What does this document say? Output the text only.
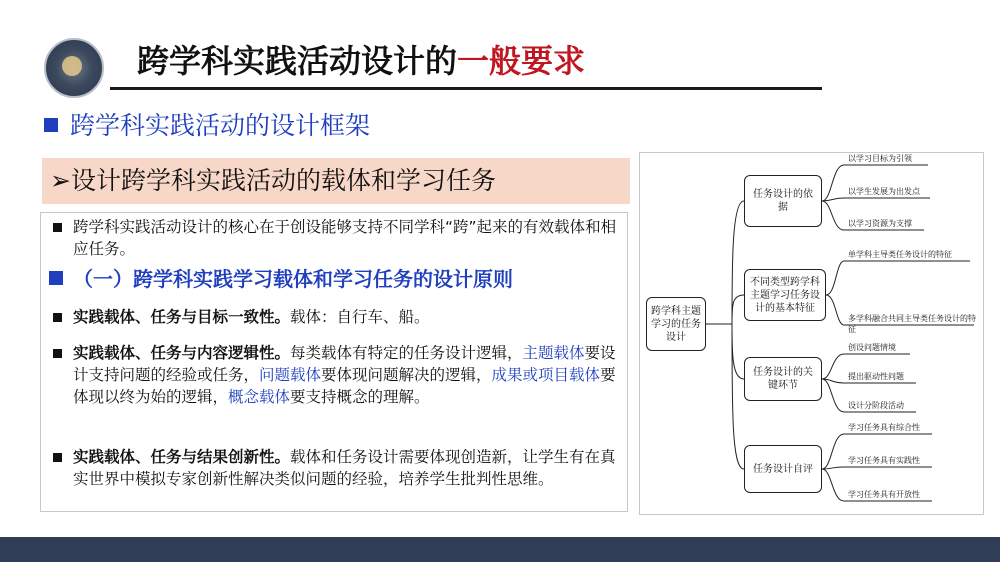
跨学科实践活动设计的一般要求
跨学科实践活动的设计框架
➢设计跨学科实践活动的载体和学习任务
跨学科实践活动设计的核心在于创设能够支持不同学科“跨”起来的有效载体和相应任务。
（一）跨学科实践学习载体和学习任务的设计原则
实践载体、任务与目标一致性。载体：自行车、船。
实践载体、任务与内容逻辑性。每类载体有特定的任务设计逻辑，主题载体要设计支持问题的经验或任务，问题载体要体现问题解决的逻辑，成果或项目载体要体现以终为始的逻辑，概念载体要支持概念的理解。
实践载体、任务与结果创新性。载体和任务设计需要体现创造新，让学生有在真实世界中模拟专家创新性解决类似问题的经验，培养学生批判性思维。
跨学科主题学习的任务设计
任务设计的依据
不同类型跨学科主题学习任务设计的基本特征
任务设计的关键环节
任务设计自评
以学习目标为引领
以学生发展为出发点
以学习资源为支撑
单学科主导类任务设计的特征
多学科融合共同主导类任务设计的特征
创设问题情境
提出驱动性问题
设计分阶段活动
学习任务具有综合性
学习任务具有实践性
学习任务具有开放性
